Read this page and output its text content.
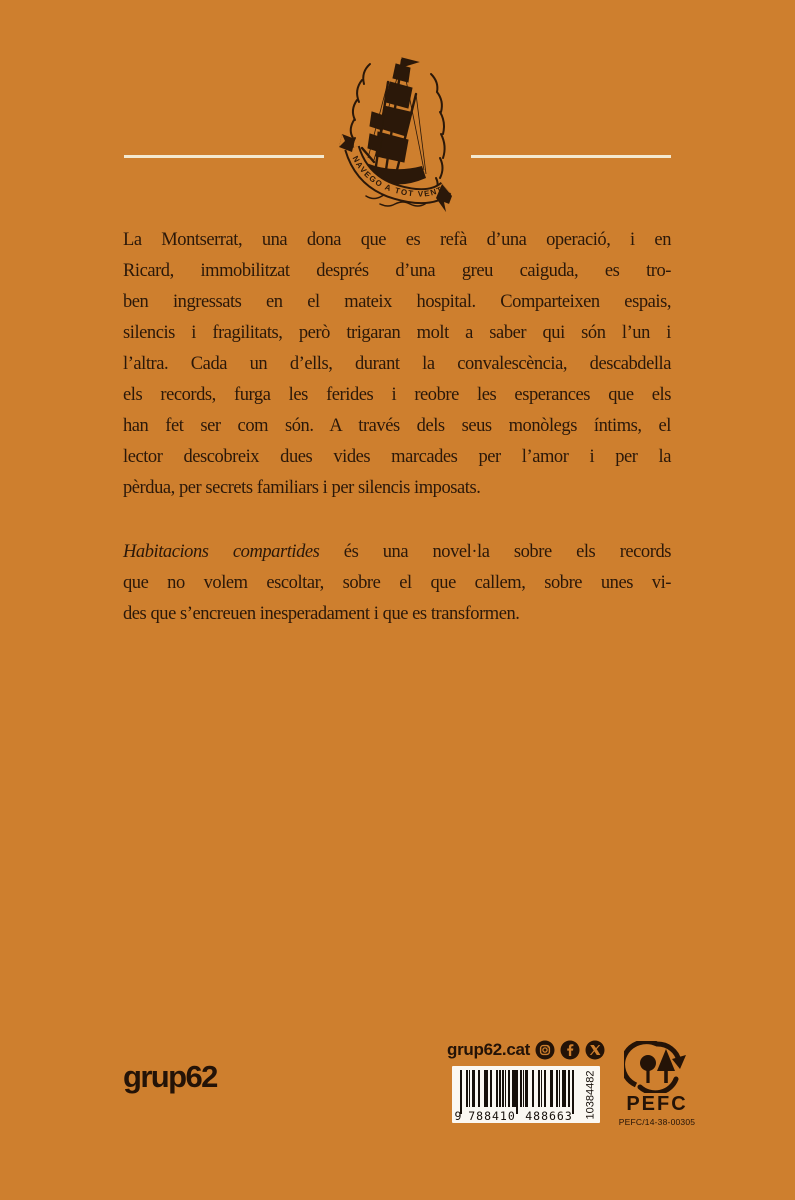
NAVEGO A TOT VENT
La Montserrat, una dona que es refà d’una operació, i en
Ricard, immobilitzat després d’una greu caiguda, es tro-
ben ingressats en el mateix hospital. Comparteixen espais,
silencis i fragilitats, però trigaran molt a saber qui són l’un i
l’altra. Cada un d’ells, durant la convalescència, descabdella
els records, furga les ferides i reobre les esperances que els
han fet ser com són. A través dels seus monòlegs íntims, el
lector descobreix dues vides marcades per l’amor i per la
pèrdua, per secrets familiars i per silencis imposats.
Habitacions compartides és una novel·la sobre els records
que no volem escoltar, sobre el que callem, sobre unes vi-
des que s’encreuen inesperadament i que es transformen.
grup62
grup62.cat
9 788410 488663	10384482	PEFC
PEFC/14-38-00305
